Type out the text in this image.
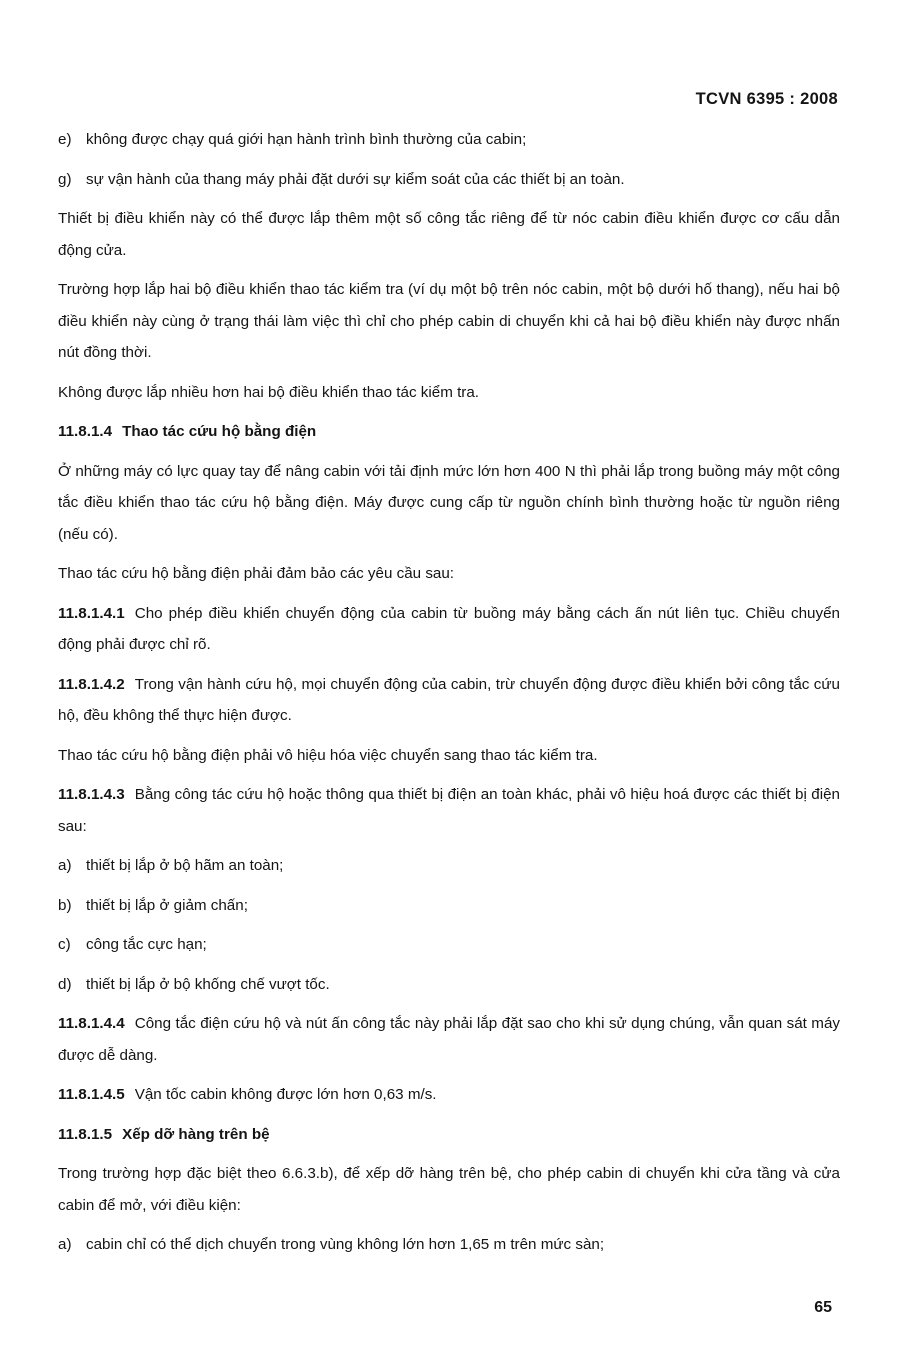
TCVN 6395 : 2008

e) không được chạy quá giới hạn hành trình bình thường của cabin;

g) sự vận hành của thang máy phải đặt dưới sự kiểm soát của các thiết bị an toàn.

Thiết bị điều khiển này có thể được lắp thêm một số công tắc riêng để từ nóc cabin điều khiển được cơ cấu dẫn động cửa.

Trường hợp lắp hai bộ điều khiển thao tác kiểm tra (ví dụ một bộ trên nóc cabin, một bộ dưới hố thang), nếu hai bộ điều khiển này cùng ở trạng thái làm việc thì chỉ cho phép cabin di chuyển khi cả hai bộ điều khiển này được nhấn nút đồng thời.

Không được lắp nhiều hơn hai bộ điều khiển thao tác kiểm tra.

11.8.1.4 Thao tác cứu hộ bằng điện

Ở những máy có lực quay tay để nâng cabin với tải định mức lớn hơn 400 N thì phải lắp trong buồng máy một công tắc điều khiển thao tác cứu hộ bằng điện. Máy được cung cấp từ nguồn chính bình thường hoặc từ nguồn riêng (nếu có).

Thao tác cứu hộ bằng điện phải đảm bảo các yêu cầu sau:

11.8.1.4.1 Cho phép điều khiển chuyển động của cabin từ buồng máy bằng cách ấn nút liên tục. Chiều chuyển động phải được chỉ rõ.

11.8.1.4.2 Trong vận hành cứu hộ, mọi chuyển động của cabin, trừ chuyển động được điều khiển bởi công tắc cứu hộ, đều không thể thực hiện được.

Thao tác cứu hộ bằng điện phải vô hiệu hóa việc chuyển sang thao tác kiểm tra.

11.8.1.4.3 Bằng công tác cứu hộ hoặc thông qua thiết bị điện an toàn khác, phải vô hiệu hoá được các thiết bị điện sau:

a) thiết bị lắp ở bộ hãm an toàn;

b) thiết bị lắp ở giảm chấn;

c) công tắc cực hạn;

d) thiết bị lắp ở bộ khống chế vượt tốc.

11.8.1.4.4 Công tắc điện cứu hộ và nút ấn công tắc này phải lắp đặt sao cho khi sử dụng chúng, vẫn quan sát máy được dễ dàng.

11.8.1.4.5 Vận tốc cabin không được lớn hơn 0,63 m/s.

11.8.1.5 Xếp dỡ hàng trên bệ

Trong trường hợp đặc biệt theo 6.6.3.b), để xếp dỡ hàng trên bệ, cho phép cabin di chuyển khi cửa tầng và cửa cabin để mở, với điều kiện:

a) cabin chỉ có thể dịch chuyển trong vùng không lớn hơn 1,65 m trên mức sàn;

65
